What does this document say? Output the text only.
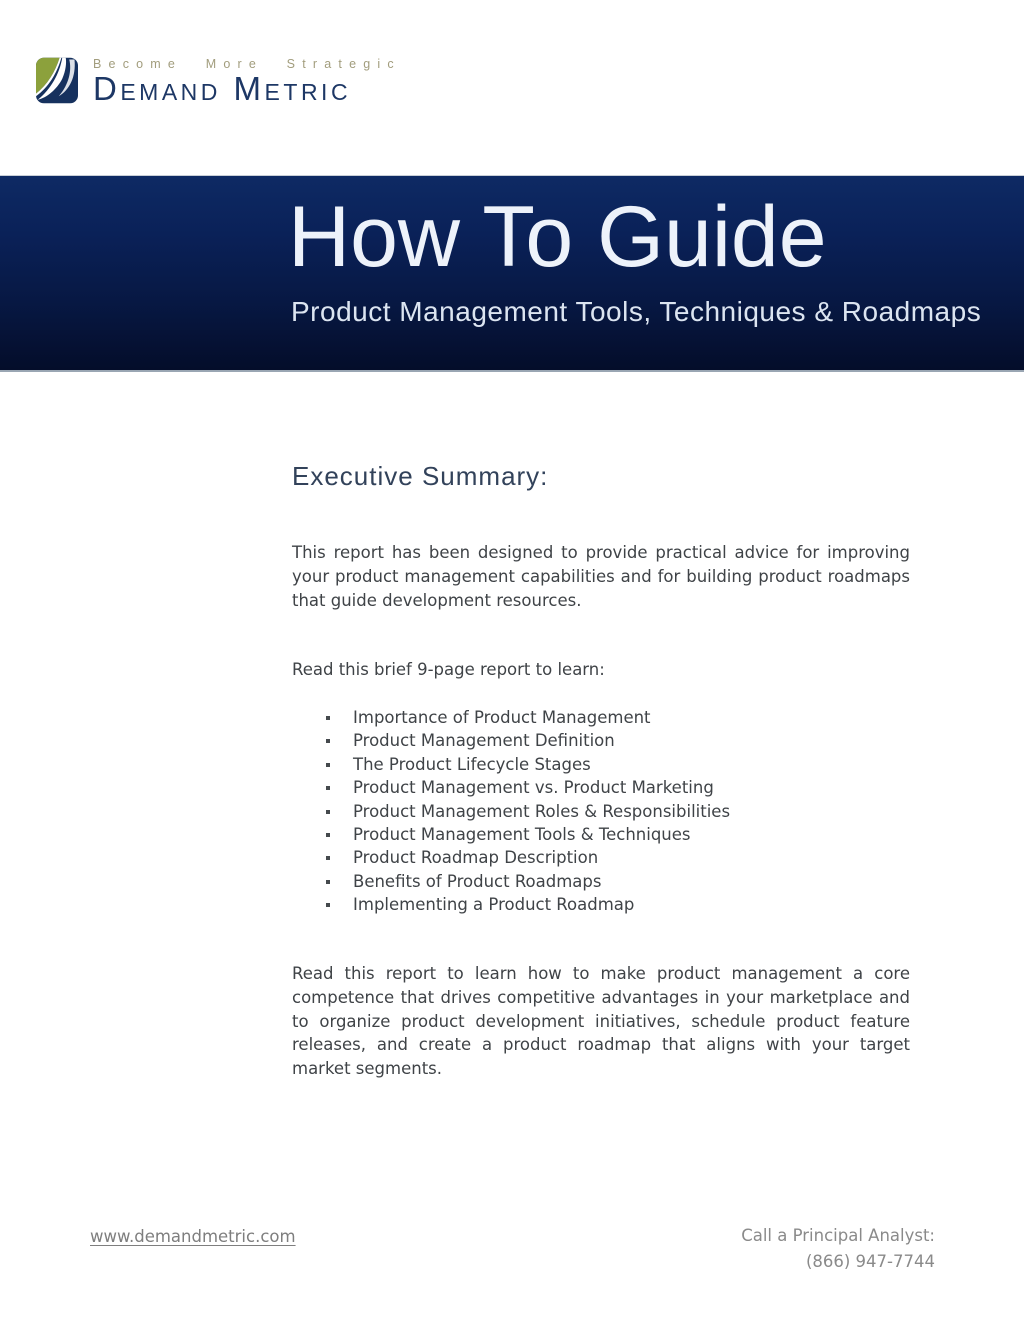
Become More Strategic
Demand Metric
How To Guide
Product Management Tools, Techniques & Roadmaps
Executive Summary:

This report has been designed to provide practical advice for improving your product management capabilities and for building product roadmaps that guide development resources.

Read this brief 9-page report to learn:
Importance of Product Management
Product Management Definition
The Product Lifecycle Stages
Product Management vs. Product Marketing
Product Management Roles & Responsibilities
Product Management Tools & Techniques
Product Roadmap Description
Benefits of Product Roadmaps
Implementing a Product Roadmap

Read this report to learn how to make product management a core competence that drives competitive advantages in your marketplace and to organize product development initiatives, schedule product feature releases, and create a product roadmap that aligns with your target market segments.

www.demandmetric.com	Call a Principal Analyst:
(866) 947-7744
